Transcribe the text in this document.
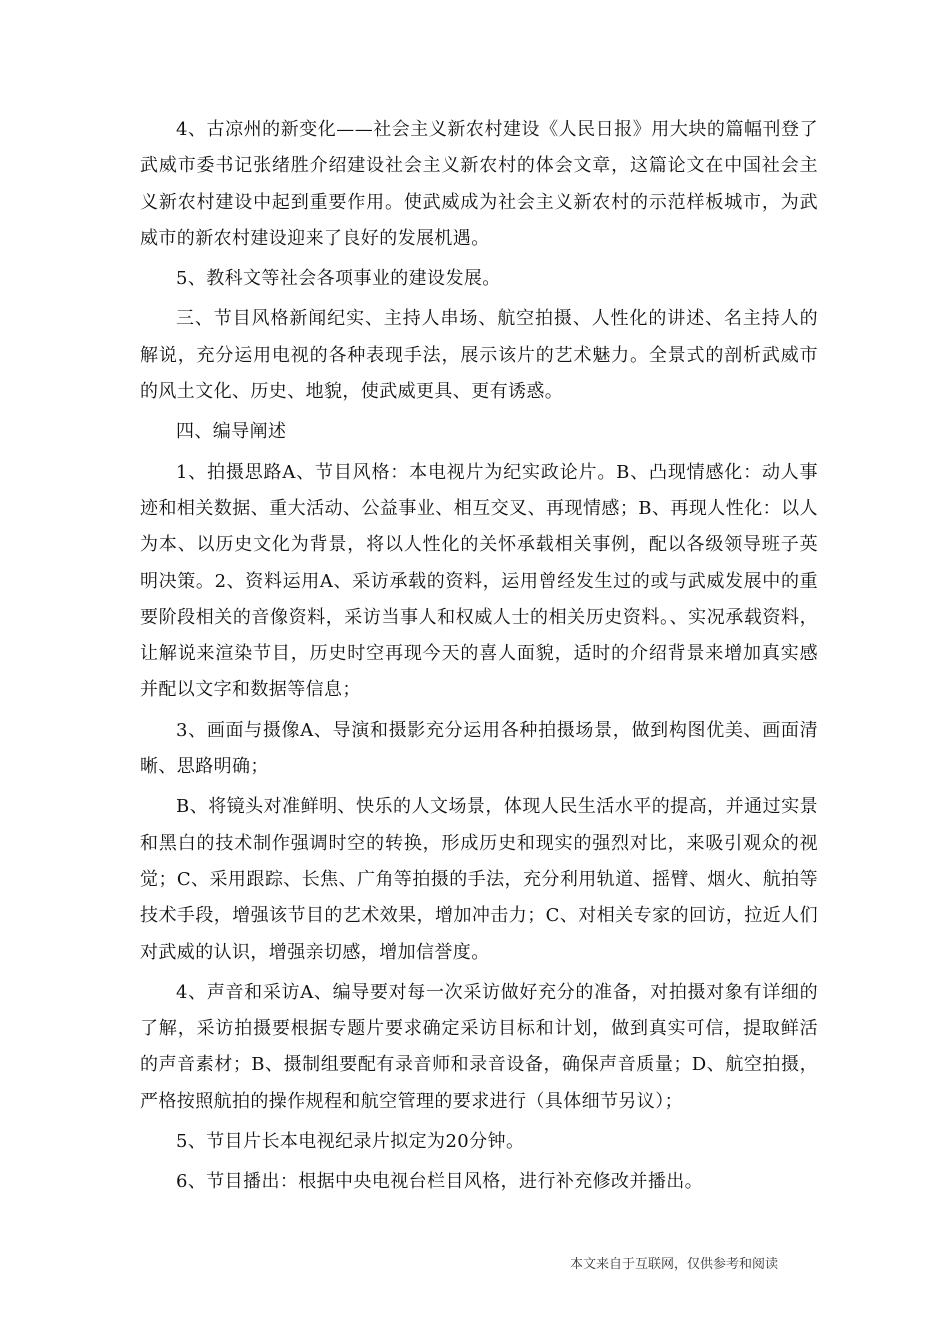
4、古凉州的新变化——社会主义新农村建设《人民日报》用大块的篇幅刊登了武威市委书记张绪胜介绍建设社会主义新农村的体会文章，这篇论文在中国社会主义新农村建设中起到重要作用。使武威成为社会主义新农村的示范样板城市，为武威市的新农村建设迎来了良好的发展机遇。

5、教科文等社会各项事业的建设发展。

三、节目风格新闻纪实、主持人串场、航空拍摄、人性化的讲述、名主持人的解说，充分运用电视的各种表现手法，展示该片的艺术魅力。全景式的剖析武威市的风土文化、历史、地貌，使武威更具、更有诱惑。

四、编导阐述

1、拍摄思路A、节目风格：本电视片为纪实政论片。B、凸现情感化：动人事迹和相关数据、重大活动、公益事业、相互交叉、再现情感；B、再现人性化：以人为本、以历史文化为背景，将以人性化的关怀承载相关事例，配以各级领导班子英明决策。2、资料运用A、采访承载的资料，运用曾经发生过的或与武威发展中的重要阶段相关的音像资料，采访当事人和权威人士的相关历史资料。、实况承载资料，让解说来渲染节目，历史时空再现今天的喜人面貌，适时的介绍背景来增加真实感并配以文字和数据等信息；

3、画面与摄像A、导演和摄影充分运用各种拍摄场景，做到构图优美、画面清晰、思路明确；

B、将镜头对准鲜明、快乐的人文场景，体现人民生活水平的提高，并通过实景和黑白的技术制作强调时空的转换，形成历史和现实的强烈对比，来吸引观众的视觉；C、采用跟踪、长焦、广角等拍摄的手法，充分利用轨道、摇臂、烟火、航拍等技术手段，增强该节目的艺术效果，增加冲击力；C、对相关专家的回访，拉近人们对武威的认识，增强亲切感，增加信誉度。

4、声音和采访A、编导要对每一次采访做好充分的准备，对拍摄对象有详细的了解，采访拍摄要根据专题片要求确定采访目标和计划，做到真实可信，提取鲜活的声音素材；B、摄制组要配有录音师和录音设备，确保声音质量；D、航空拍摄，严格按照航拍的操作规程和航空管理的要求进行（具体细节另议）；

5、节目片长本电视纪录片拟定为20分钟。

6、节目播出：根据中央电视台栏目风格，进行补充修改并播出。

本文来自于互联网，仅供参考和阅读
